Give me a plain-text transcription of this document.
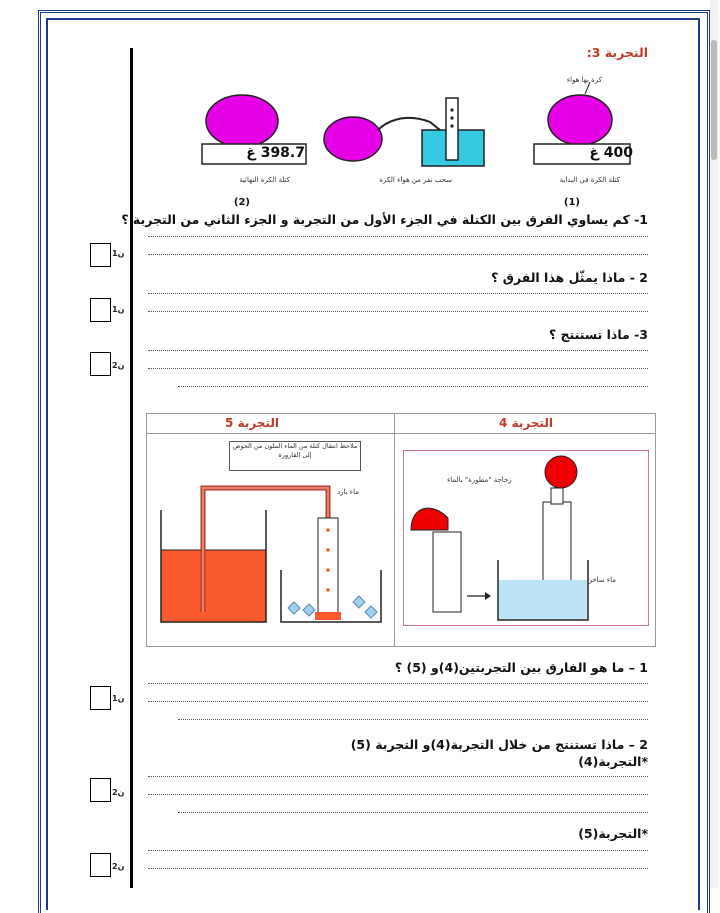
التجربة 3:
كرة بها هواء
400 غ
398.7 غ
كتلة الكرة في البداية
سحب نفر من هواء الكرة
كتلة الكرة النهائية
(1)
(2)
1- كم يساوي الفرق بين الكتلة في الجزء الأول من التجربة و الجزء الثاني من التجربة ؟
1ن
2 - ماذا يمثّل هذا الفرق ؟
1ن
3- ماذا تستنتج ؟
2ن
التجربة 4
التجربة 5
ملاحظ انتقال كتلة من الماء الملون من الحوض إلى القارورة
ماء بارد
زجاجة "مطورة" بالماء
ماء ساخن
1 – ما هو الفارق بين التجربتين(4)و (5) ؟
1ن
2 – ماذا تستنتج من خلال التجربة(4)و التجربة (5)
*التجربة(4)
2ن
*التجربة(5)
2ن
